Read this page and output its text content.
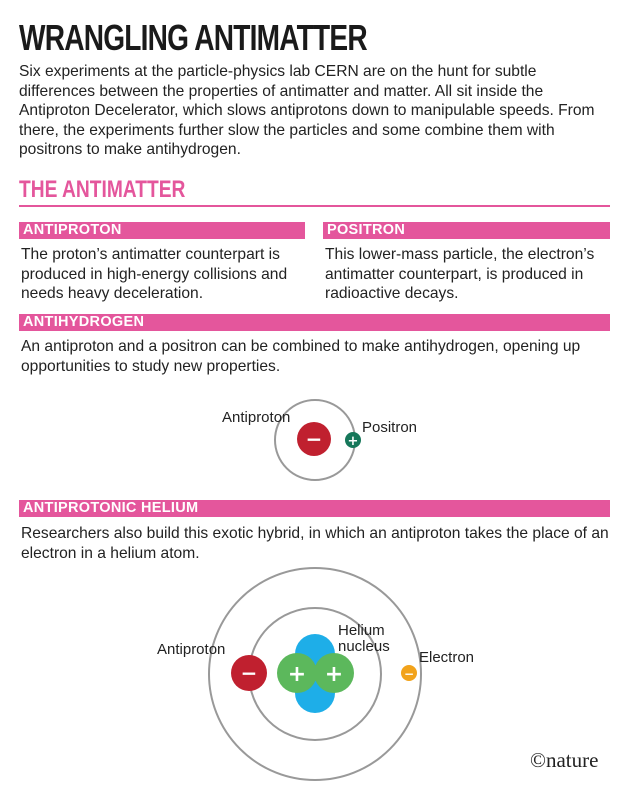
WRANGLING ANTIMATTER
Six experiments at the particle-physics lab CERN are on the hunt for subtle differences between the properties of antimatter and matter. All sit inside the Antiproton Decelerator, which slows antiprotons down to manipulable speeds. From there, the experiments further slow the particles and some combine them with positrons to make antihydrogen.
THE ANTIMATTER
ANTIPROTON
The proton’s antimatter counterpart is produced in high-energy collisions and needs heavy deceleration.
POSITRON
This lower-mass particle, the electron’s antimatter counterpart, is produced in radioactive decays.
ANTIHYDROGEN
An antiproton and a positron can be combined to make antihydrogen, opening up opportunities to study new properties.
ANTIPROTONIC HELIUM
Researchers also build this exotic hybrid, in which an antiproton takes the place of an electron in a helium atom.
− +
Antiproton
Positron
+ +
−	−
Antiproton
Helium
nucleus
Electron
©nature
